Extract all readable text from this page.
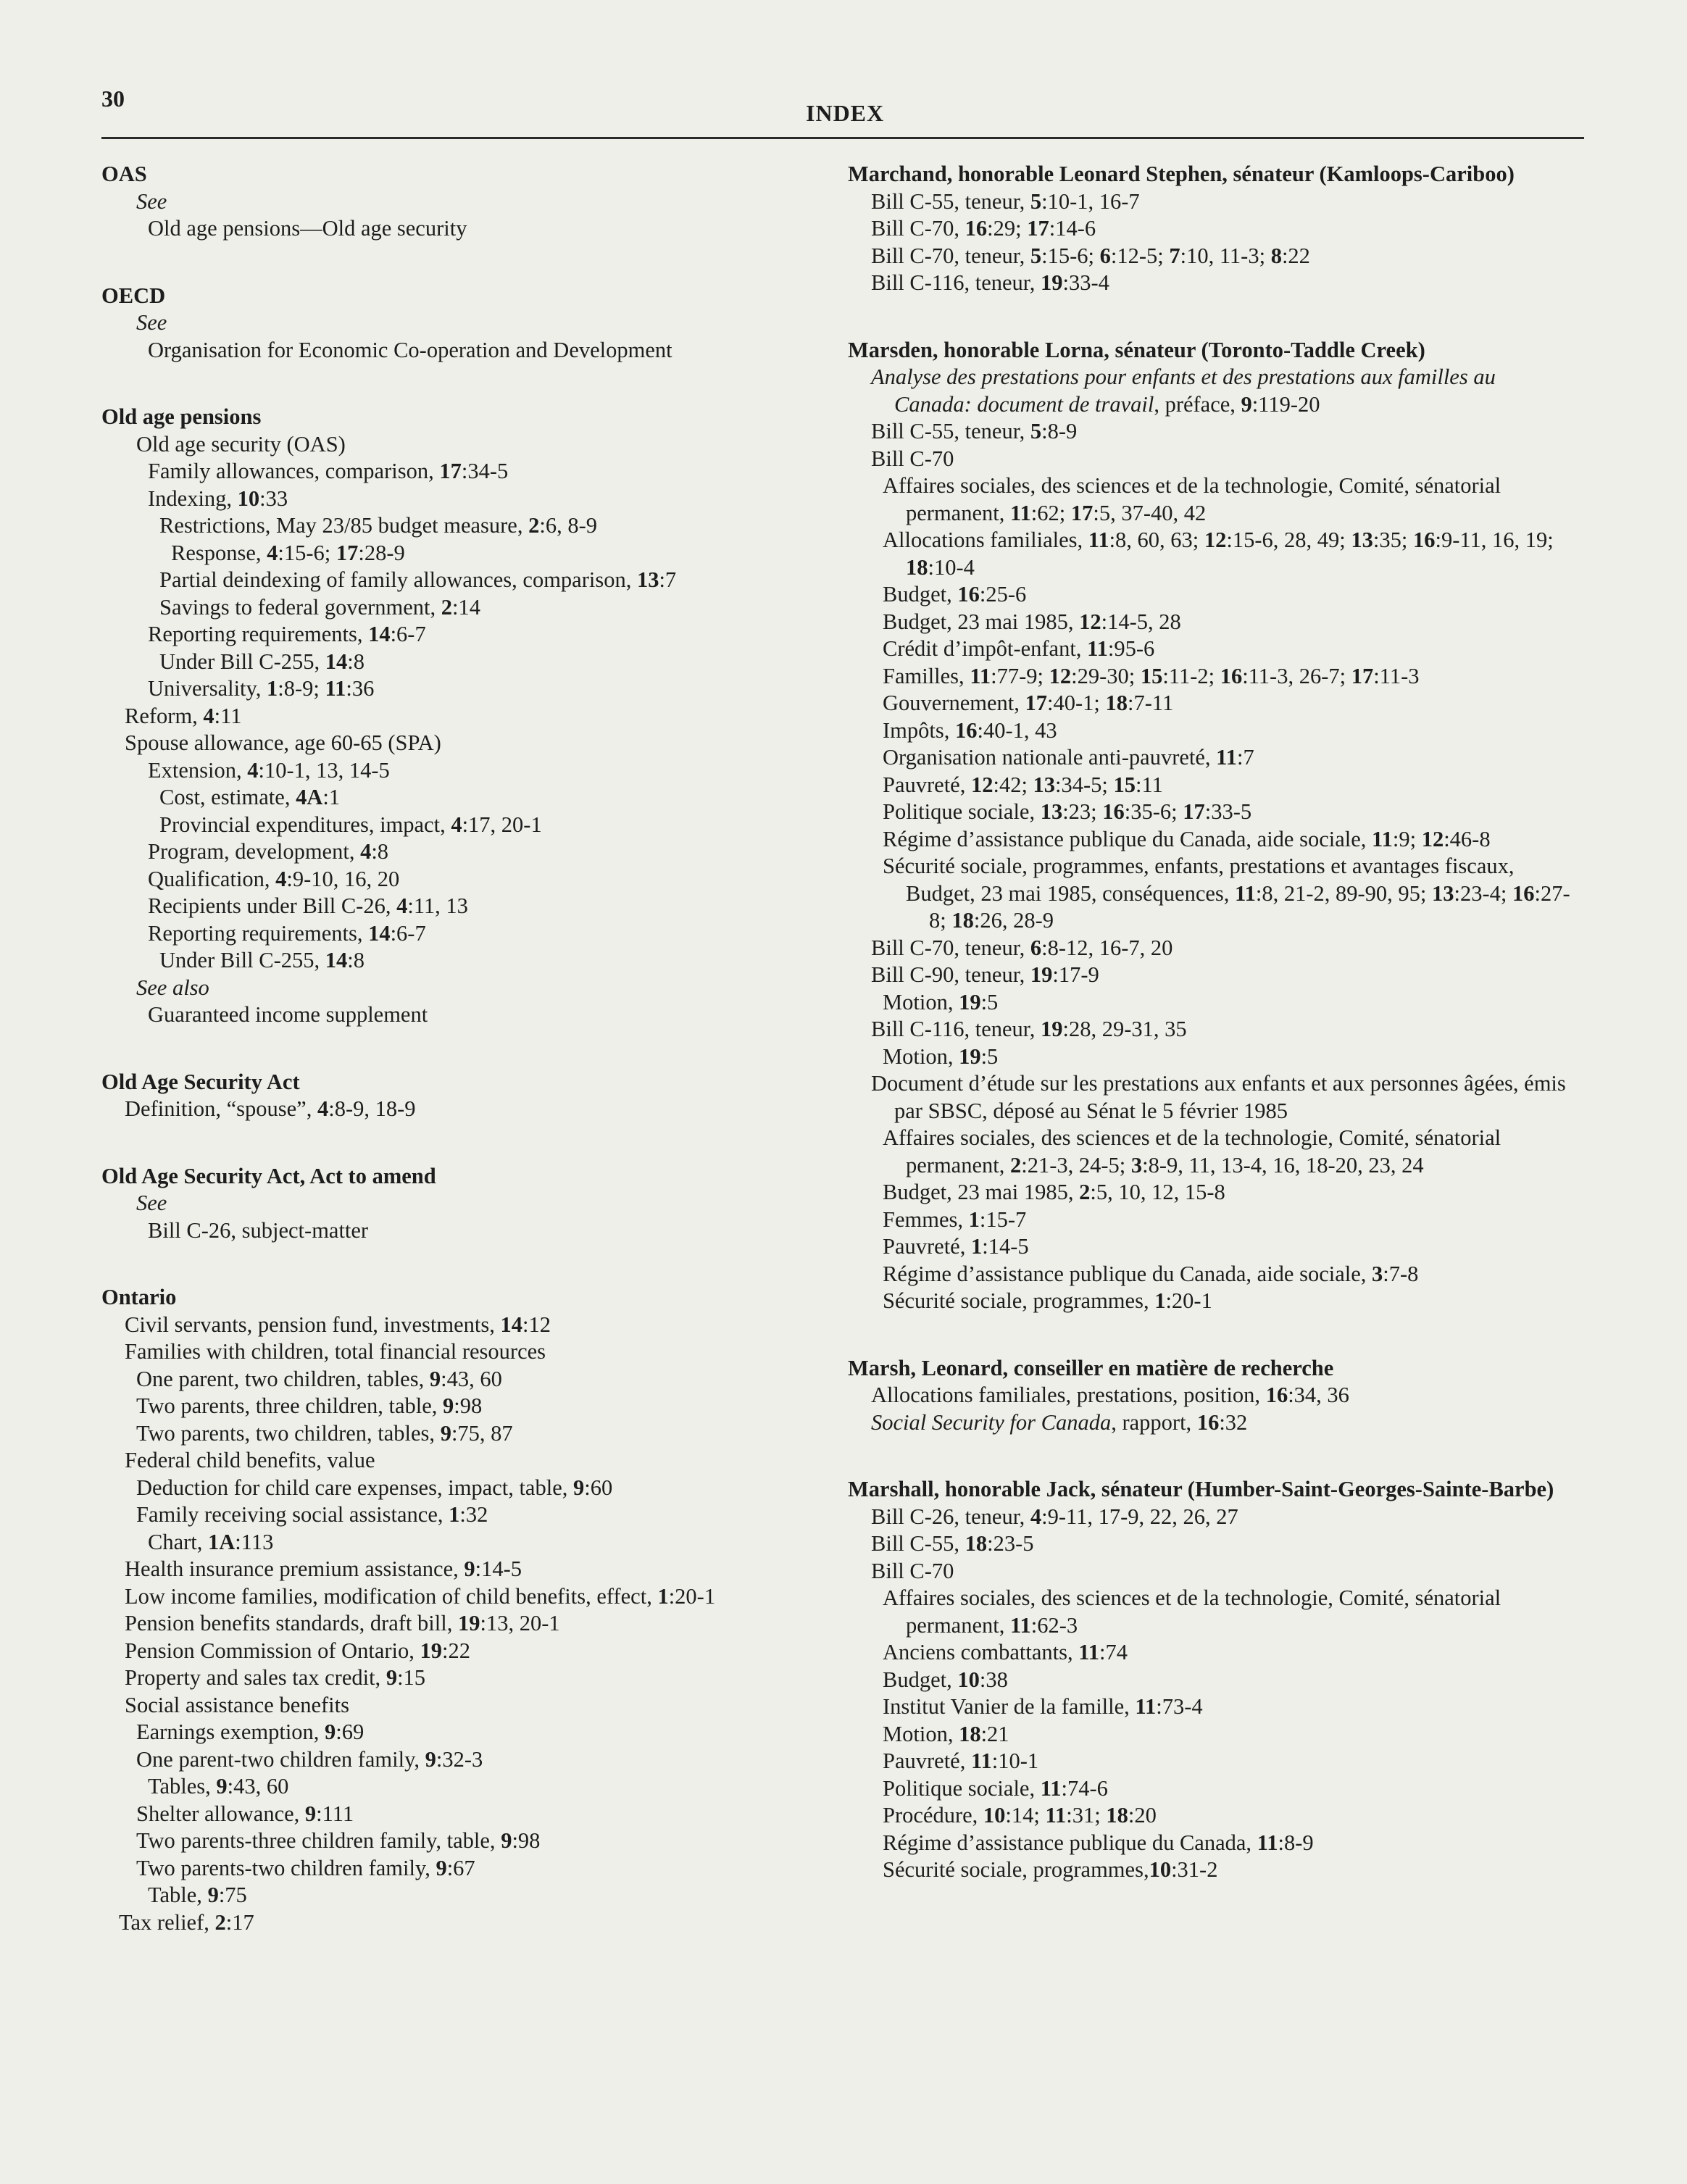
30
INDEX
OAS
See
Old age pensions—Old age security
OECD
See
Organisation for Economic Co-operation and Development
Old age pensions
Old age security (OAS)
Family allowances, comparison, 17:34-5
Indexing, 10:33
Restrictions, May 23/85 budget measure, 2:6, 8-9
Response, 4:15-6; 17:28-9
Partial deindexing of family allowances, comparison, 13:7
Savings to federal government, 2:14
Reporting requirements, 14:6-7
Under Bill C-255, 14:8
Universality, 1:8-9; 11:36
Reform, 4:11
Spouse allowance, age 60-65 (SPA)
Extension, 4:10-1, 13, 14-5
Cost, estimate, 4A:1
Provincial expenditures, impact, 4:17, 20-1
Program, development, 4:8
Qualification, 4:9-10, 16, 20
Recipients under Bill C-26, 4:11, 13
Reporting requirements, 14:6-7
Under Bill C-255, 14:8
See also
Guaranteed income supplement
Old Age Security Act
Definition, “spouse”, 4:8-9, 18-9
Old Age Security Act, Act to amend
See
Bill C-26, subject-matter
Ontario
Civil servants, pension fund, investments, 14:12
Families with children, total financial resources
One parent, two children, tables, 9:43, 60
Two parents, three children, table, 9:98
Two parents, two children, tables, 9:75, 87
Federal child benefits, value
Deduction for child care expenses, impact, table, 9:60
Family receiving social assistance, 1:32
Chart, 1A:113
Health insurance premium assistance, 9:14-5
Low income families, modification of child benefits, effect, 1:20-1
Pension benefits standards, draft bill, 19:13, 20-1
Pension Commission of Ontario, 19:22
Property and sales tax credit, 9:15
Social assistance benefits
Earnings exemption, 9:69
One parent-two children family, 9:32-3
Tables, 9:43, 60
Shelter allowance, 9:111
Two parents-three children family, table, 9:98
Two parents-two children family, 9:67
Table, 9:75
Tax relief, 2:17
Marchand, honorable Leonard Stephen, sénateur (Kamloops-Cariboo)
Bill C-55, teneur, 5:10-1, 16-7
Bill C-70, 16:29; 17:14-6
Bill C-70, teneur, 5:15-6; 6:12-5; 7:10, 11-3; 8:22
Bill C-116, teneur, 19:33-4
Marsden, honorable Lorna, sénateur (Toronto-Taddle Creek)
Analyse des prestations pour enfants et des prestations aux familles au Canada: document de travail, préface, 9:119-20
Bill C-55, teneur, 5:8-9
Bill C-70
Affaires sociales, des sciences et de la technologie, Comité, sénatorial permanent, 11:62; 17:5, 37-40, 42
Allocations familiales, 11:8, 60, 63; 12:15-6, 28, 49; 13:35; 16:9-11, 16, 19; 18:10-4
Budget, 16:25-6
Budget, 23 mai 1985, 12:14-5, 28
Crédit d’impôt-enfant, 11:95-6
Familles, 11:77-9; 12:29-30; 15:11-2; 16:11-3, 26-7; 17:11-3
Gouvernement, 17:40-1; 18:7-11
Impôts, 16:40-1, 43
Organisation nationale anti-pauvreté, 11:7
Pauvreté, 12:42; 13:34-5; 15:11
Politique sociale, 13:23; 16:35-6; 17:33-5
Régime d’assistance publique du Canada, aide sociale, 11:9; 12:46-8
Sécurité sociale, programmes, enfants, prestations et avantages fiscaux,
Budget, 23 mai 1985, conséquences, 11:8, 21-2, 89-90, 95; 13:23-4; 16:27-8; 18:26, 28-9
Bill C-70, teneur, 6:8-12, 16-7, 20
Bill C-90, teneur, 19:17-9
Motion, 19:5
Bill C-116, teneur, 19:28, 29-31, 35
Motion, 19:5
Document d’étude sur les prestations aux enfants et aux personnes âgées, émis par SBSC, déposé au Sénat le 5 février 1985
Affaires sociales, des sciences et de la technologie, Comité, sénatorial permanent, 2:21-3, 24-5; 3:8-9, 11, 13-4, 16, 18-20, 23, 24
Budget, 23 mai 1985, 2:5, 10, 12, 15-8
Femmes, 1:15-7
Pauvreté, 1:14-5
Régime d’assistance publique du Canada, aide sociale, 3:7-8
Sécurité sociale, programmes, 1:20-1
Marsh, Leonard, conseiller en matière de recherche
Allocations familiales, prestations, position, 16:34, 36
Social Security for Canada, rapport, 16:32
Marshall, honorable Jack, sénateur (Humber-Saint-Georges-Sainte-Barbe)
Bill C-26, teneur, 4:9-11, 17-9, 22, 26, 27
Bill C-55, 18:23-5
Bill C-70
Affaires sociales, des sciences et de la technologie, Comité, sénatorial permanent, 11:62-3
Anciens combattants, 11:74
Budget, 10:38
Institut Vanier de la famille, 11:73-4
Motion, 18:21
Pauvreté, 11:10-1
Politique sociale, 11:74-6
Procédure, 10:14; 11:31; 18:20
Régime d’assistance publique du Canada, 11:8-9
Sécurité sociale, programmes,10:31-2
